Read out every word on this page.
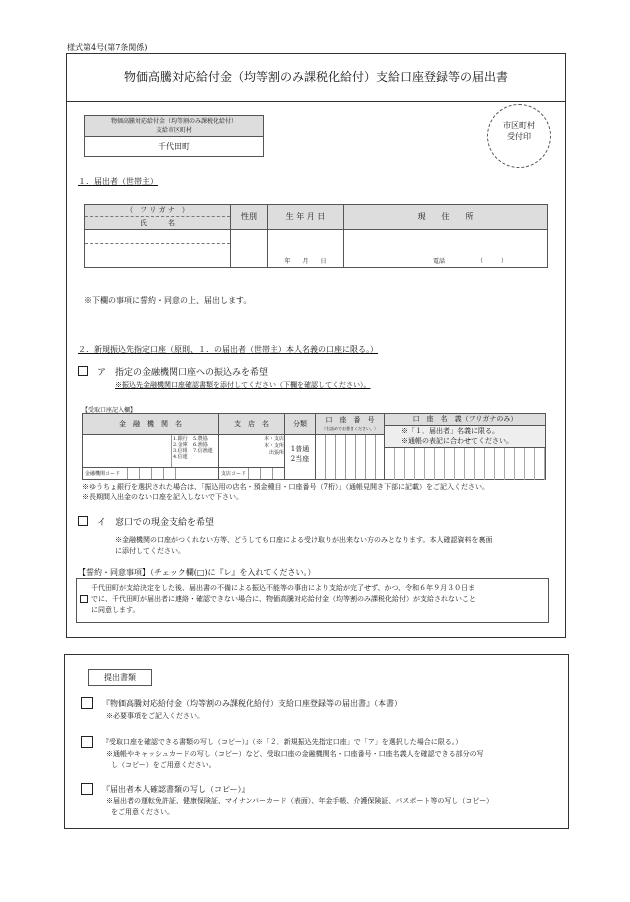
様式第4号(第7条関係)
物価高騰対応給付金（均等割のみ課税化給付）支給口座登録等の届出書
物価高騰対応給付金（均等割のみ課税化給付）
支給市区町村
千代田町
市区町村
受付印
１．届出者（世帯主）
（　フ リ ガ ナ　）
氏　　　名
性別	生 年 月 日
年　　月　　日
現　　住　　所
電話	（　　　）
※下欄の事項に誓約・同意の上、届出します。
２．新規振込先指定口座（原則、１．の届出者（世帯主）本人名義の口座に限る。）
ア　指定の金融機関口座への振込みを希望
※振込先金融機関口座確認書類を添付してください（下欄を確認してください）。
【受取口座記入欄】
金　融　機　関　名
1.銀行
2.金庫
3.信組
4.信連
5.農協
6.漁協
7.信漁連
金融機関コード
支　店　名
本・支店
本・支所
出張所
支店コード
分類
1普通
2当座
口　座　番　号
（右詰めでお書きください。）
口　座　名　義（フリガナのみ）
※「１．届出者」名義に限る。
※通帳の表記に合わせてください。
※ゆうちょ銀行を選択された場合は、「振込用の店名・預金種目・口座番号（7桁）」（通帳見開き下部に記載）をご記入ください。
※長期間入出金のない口座を記入しないで下さい。
イ　窓口での現金支給を希望
※金融機関の口座がつくれない方等、どうしても口座による受け取りが出来ない方のみとなります。本人確認資料を裏面
に添付してください。
【誓約・同意事項】（チェック欄(□)に『レ』を入れてください。）
千代田町が支給決定をした後、届出書の不備による振込不能等の事由により支給が完了せず、かつ、令和６年９月３０日ま
でに、千代田町が届出者に連絡・確認できない場合に、物価高騰対応給付金（均等割のみ課税化給付）が支給されないこと
に同意します。
提出書類
『物価高騰対応給付金（均等割のみ課税化給付）支給口座登録等の届出書』（本書）
※必要事項をご記入ください。
『受取口座を確認できる書類の写し（コピー）』（※「２．新規振込先指定口座」で「ア」を選択した場合に限る。）
※通帳やキャッシュカードの写し（コピー）など、受取口座の金融機関名・口座番号・口座名義人を確認できる部分の写
し（コピー）をご用意ください。
『届出者本人確認書類の写し（コピー）』
※届出者の運転免許証、健康保険証、マイナンバーカード（表面）、年金手帳、介護保険証、パスポート等の写し（コピー）
をご用意ください。
